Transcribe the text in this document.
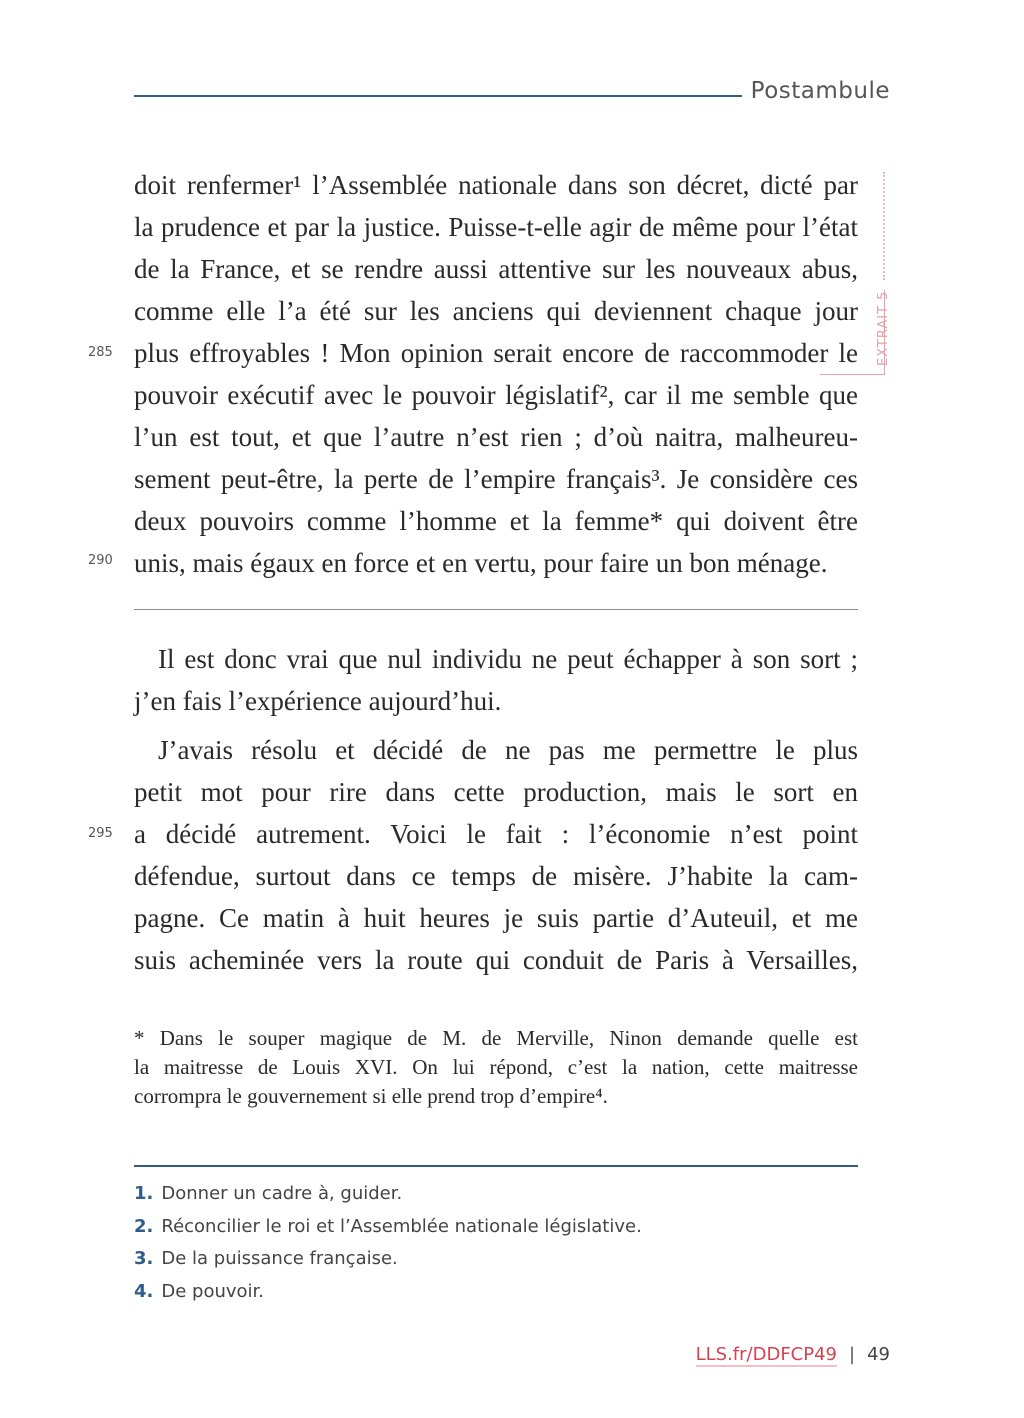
Postambule
EXTRAIT 5
285
290
295
doit renfermer¹ l’Assemblée nationale dans son décret, dicté par
la prudence et par la justice. Puisse-t-elle agir de même pour l’état
de la France, et se rendre aussi attentive sur les nouveaux abus,
comme elle l’a été sur les anciens qui deviennent chaque jour
plus effroyables ! Mon opinion serait encore de raccommoder le
pouvoir exécutif avec le pouvoir législatif², car il me semble que
l’un est tout, et que l’autre n’est rien ; d’où naitra, malheureu-
sement peut-être, la perte de l’empire français³. Je considère ces
deux pouvoirs comme l’homme et la femme* qui doivent être
unis, mais égaux en force et en vertu, pour faire un bon ménage.
Il est donc vrai que nul individu ne peut échapper à son sort ;
j’en fais l’expérience aujourd’hui.
J’avais résolu et décidé de ne pas me permettre le plus
petit mot pour rire dans cette production, mais le sort en
a décidé autrement. Voici le fait : l’économie n’est point
défendue, surtout dans ce temps de misère. J’habite la cam-
pagne. Ce matin à huit heures je suis partie d’Auteuil, et me
suis acheminée vers la route qui conduit de Paris à Versailles,
* Dans le souper magique de M. de Merville, Ninon demande quelle est
la maitresse de Louis XVI. On lui répond, c’est la nation, cette maitresse
corrompra le gouvernement si elle prend trop d’empire⁴.
1. Donner un cadre à, guider.
2. Réconcilier le roi et l’Assemblée nationale législative.
3. De la puissance française.
4. De pouvoir.
LLS.fr/DDFCP49 | 49
